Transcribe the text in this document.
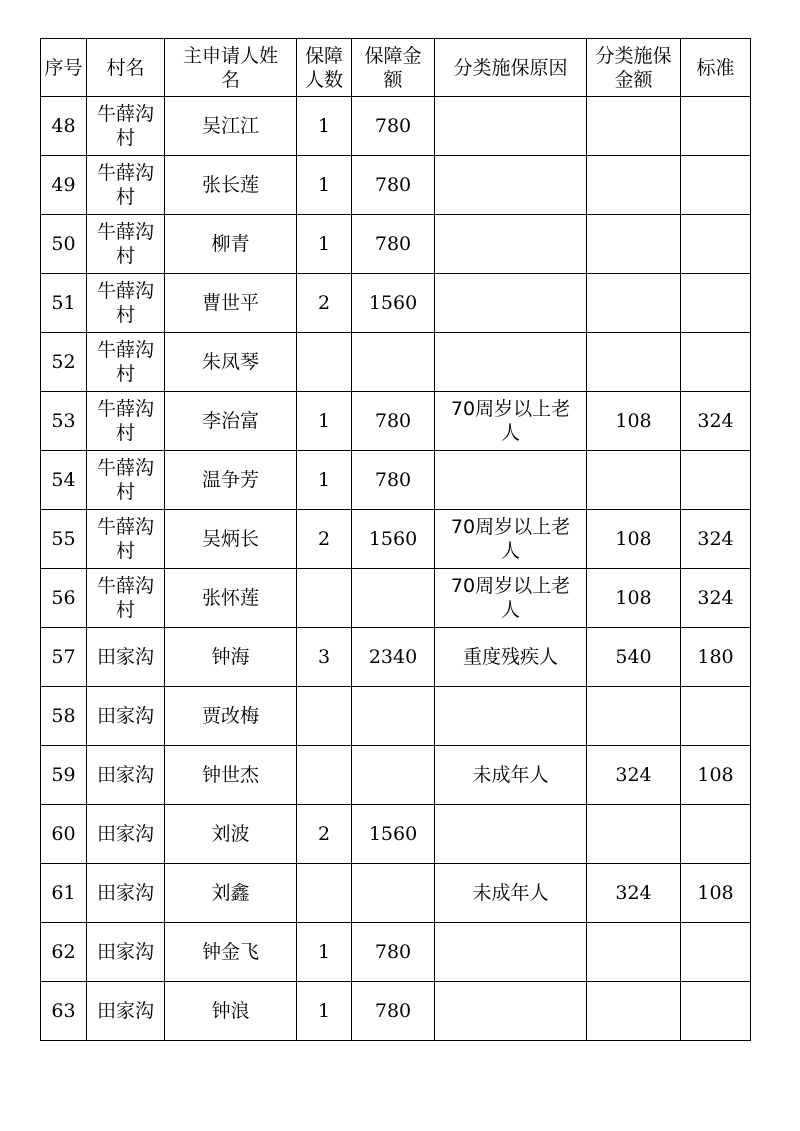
序号	村名	主申请人姓名	保障人数	保障金额	分类施保原因	分类施保金额	标准
48	牛薛沟村	吴江江	1	780			
49	牛薛沟村	张长莲	1	780			
50	牛薛沟村	柳青	1	780			
51	牛薛沟村	曹世平	2	1560			
52	牛薛沟村	朱凤琴					
53	牛薛沟村	李治富	1	780	70周岁以上老人	108	324
54	牛薛沟村	温争芳	1	780			
55	牛薛沟村	吴炳长	2	1560	70周岁以上老人	108	324
56	牛薛沟村	张怀莲			70周岁以上老人	108	324
57	田家沟	钟海	3	2340	重度残疾人	540	180
58	田家沟	贾改梅					
59	田家沟	钟世杰			未成年人	324	108
60	田家沟	刘波	2	1560			
61	田家沟	刘鑫			未成年人	324	108
62	田家沟	钟金飞	1	780			
63	田家沟	钟浪	1	780			
